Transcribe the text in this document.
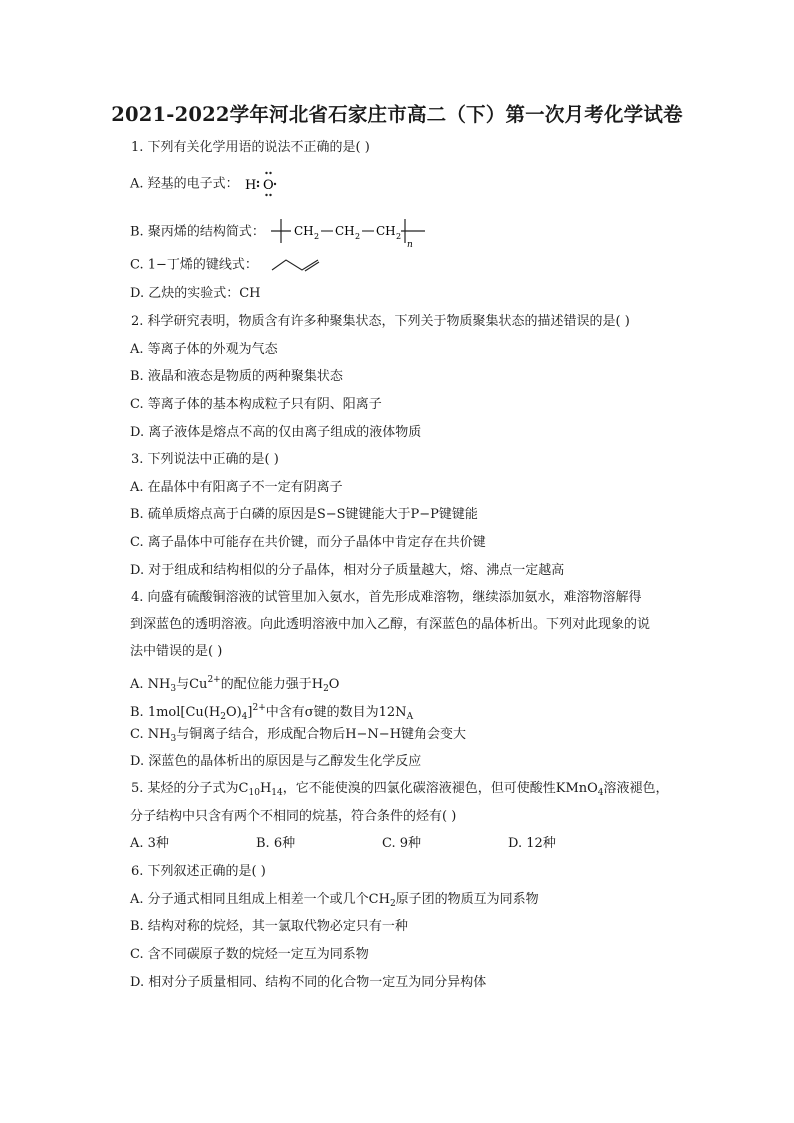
2021-2022学年河北省石家庄市高二（下）第一次月考化学试卷
1. 下列有关化学用语的说法不正确的是( )
A. 羟基的电子式： H O
B. 聚丙烯的结构简式： CH 2 CH 2 CH 2
n
C. 1−丁烯的键线式：
D. 乙炔的实验式：CH
2. 科学研究表明，物质含有许多种聚集状态，下列关于物质聚集状态的描述错误的是( )
A. 等离子体的外观为气态
B. 液晶和液态是物质的两种聚集状态
C. 等离子体的基本构成粒子只有阴、阳离子
D. 离子液体是熔点不高的仅由离子组成的液体物质
3. 下列说法中正确的是( )
A. 在晶体中有阳离子不一定有阴离子
B. 硫单质熔点高于白磷的原因是S−S键键能大于P−P键键能
C. 离子晶体中可能存在共价键，而分子晶体中肯定存在共价键
D. 对于组成和结构相似的分子晶体，相对分子质量越大，熔、沸点一定越高
4. 向盛有硫酸铜溶液的试管里加入氨水，首先形成难溶物，继续添加氨水，难溶物溶解得
到深蓝色的透明溶液。向此透明溶液中加入乙醇，有深蓝色的晶体析出。下列对此现象的说
法中错误的是( )
A. $NH_3$与$Cu^{2+}$的配位能力强于$H_2O$
B. $1mol[Cu(H_2O)_4]^{2+}$中含有σ键的数目为$12N_A$
C. $NH_3$与铜离子结合，形成配合物后H−N−H键角会变大
D. 深蓝色的晶体析出的原因是与乙醇发生化学反应
5. 某烃的分子式为$C_{10}H_{14}$，它不能使溴的四氯化碳溶液褪色，但可使酸性KMnO$_4$溶液褪色，
分子结构中只含有两个不相同的烷基，符合条件的烃有( )
A. 3种	B. 6种	C. 9种	D. 12种
6. 下列叙述正确的是( )
A. 分子通式相同且组成上相差一个或几个$CH_2$原子团的物质互为同系物
B. 结构对称的烷烃，其一氯取代物必定只有一种
C. 含不同碳原子数的烷烃一定互为同系物
D. 相对分子质量相同、结构不同的化合物一定互为同分异构体
